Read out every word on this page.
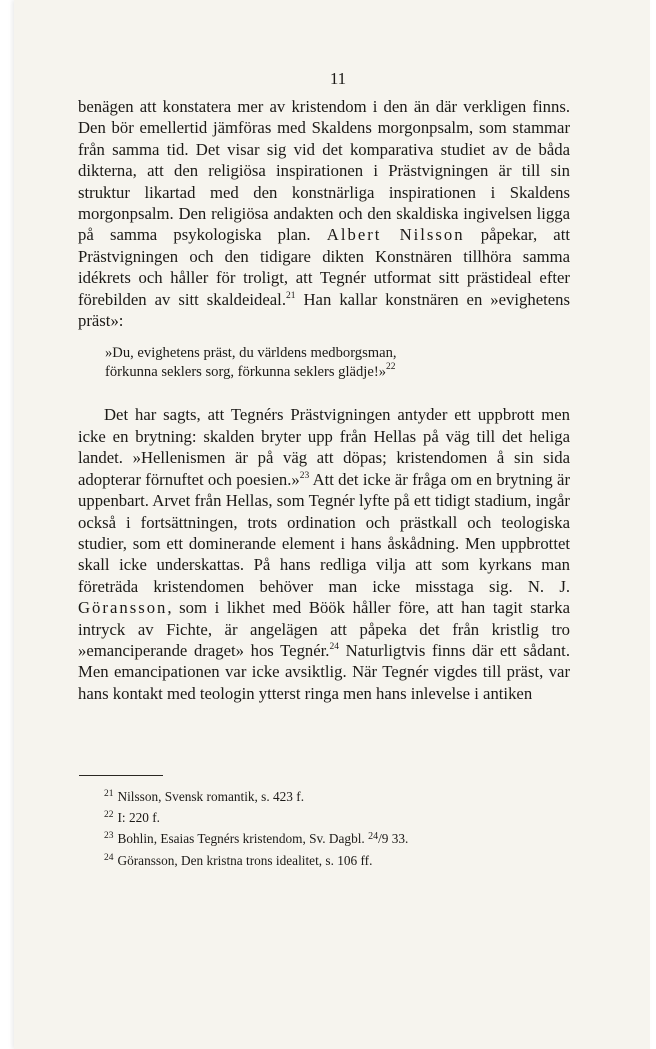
11

benägen att konstatera mer av kristendom i den än där verkligen finns. Den bör emellertid jämföras med Skaldens morgonpsalm, som stammar från samma tid. Det visar sig vid det komparativa studiet av de båda dikterna, att den religiösa inspirationen i Prästvigningen är till sin struktur likartad med den konstnärliga inspirationen i Skaldens morgonpsalm. Den religiösa andakten och den skaldiska ingivelsen ligga på samma psykologiska plan. Albert Nilsson påpekar, att Prästvigningen och den tidigare dikten Konstnären tillhöra samma idékrets och håller för troligt, att Tegnér utformat sitt prästideal efter förebilden av sitt skaldeideal.$^{21}$ Han kallar konstnären en »evighetens präst»:

»Du, evighetens präst, du världens medborgsman,
förkunna seklers sorg, förkunna seklers glädje!»$^{22}$

Det har sagts, att Tegnérs Prästvigningen antyder ett uppbrott men icke en brytning: skalden bryter upp från Hellas på väg till det heliga landet. »Hellenismen är på väg att döpas; kristendomen å sin sida adopterar förnuftet och poesien.»$^{23}$ Att det icke är fråga om en brytning är uppenbart. Arvet från Hellas, som Tegnér lyfte på ett tidigt stadium, ingår också i fortsättningen, trots ordination och prästkall och teologiska studier, som ett dominerande element i hans åskådning. Men uppbrottet skall icke underskattas. På hans redliga vilja att som kyrkans man företräda kristendomen behöver man icke misstaga sig. N. J. Göransson, som i likhet med Böök håller före, att han tagit starka intryck av Fichte, är angelägen att påpeka det från kristlig tro »emanciperande draget» hos Tegnér.$^{24}$ Naturligtvis finns där ett sådant. Men emancipationen var icke avsiktlig. När Tegnér vigdes till präst, var hans kontakt med teologin ytterst ringa men hans inlevelse i antiken

$^{21}$ Nilsson, Svensk romantik, s. 423 f.
$^{22}$ I: 220 f.
$^{23}$ Bohlin, Esaias Tegnérs kristendom, Sv. Dagbl. $^{24}$/9 33.
$^{24}$ Göransson, Den kristna trons idealitet, s. 106 ff.
